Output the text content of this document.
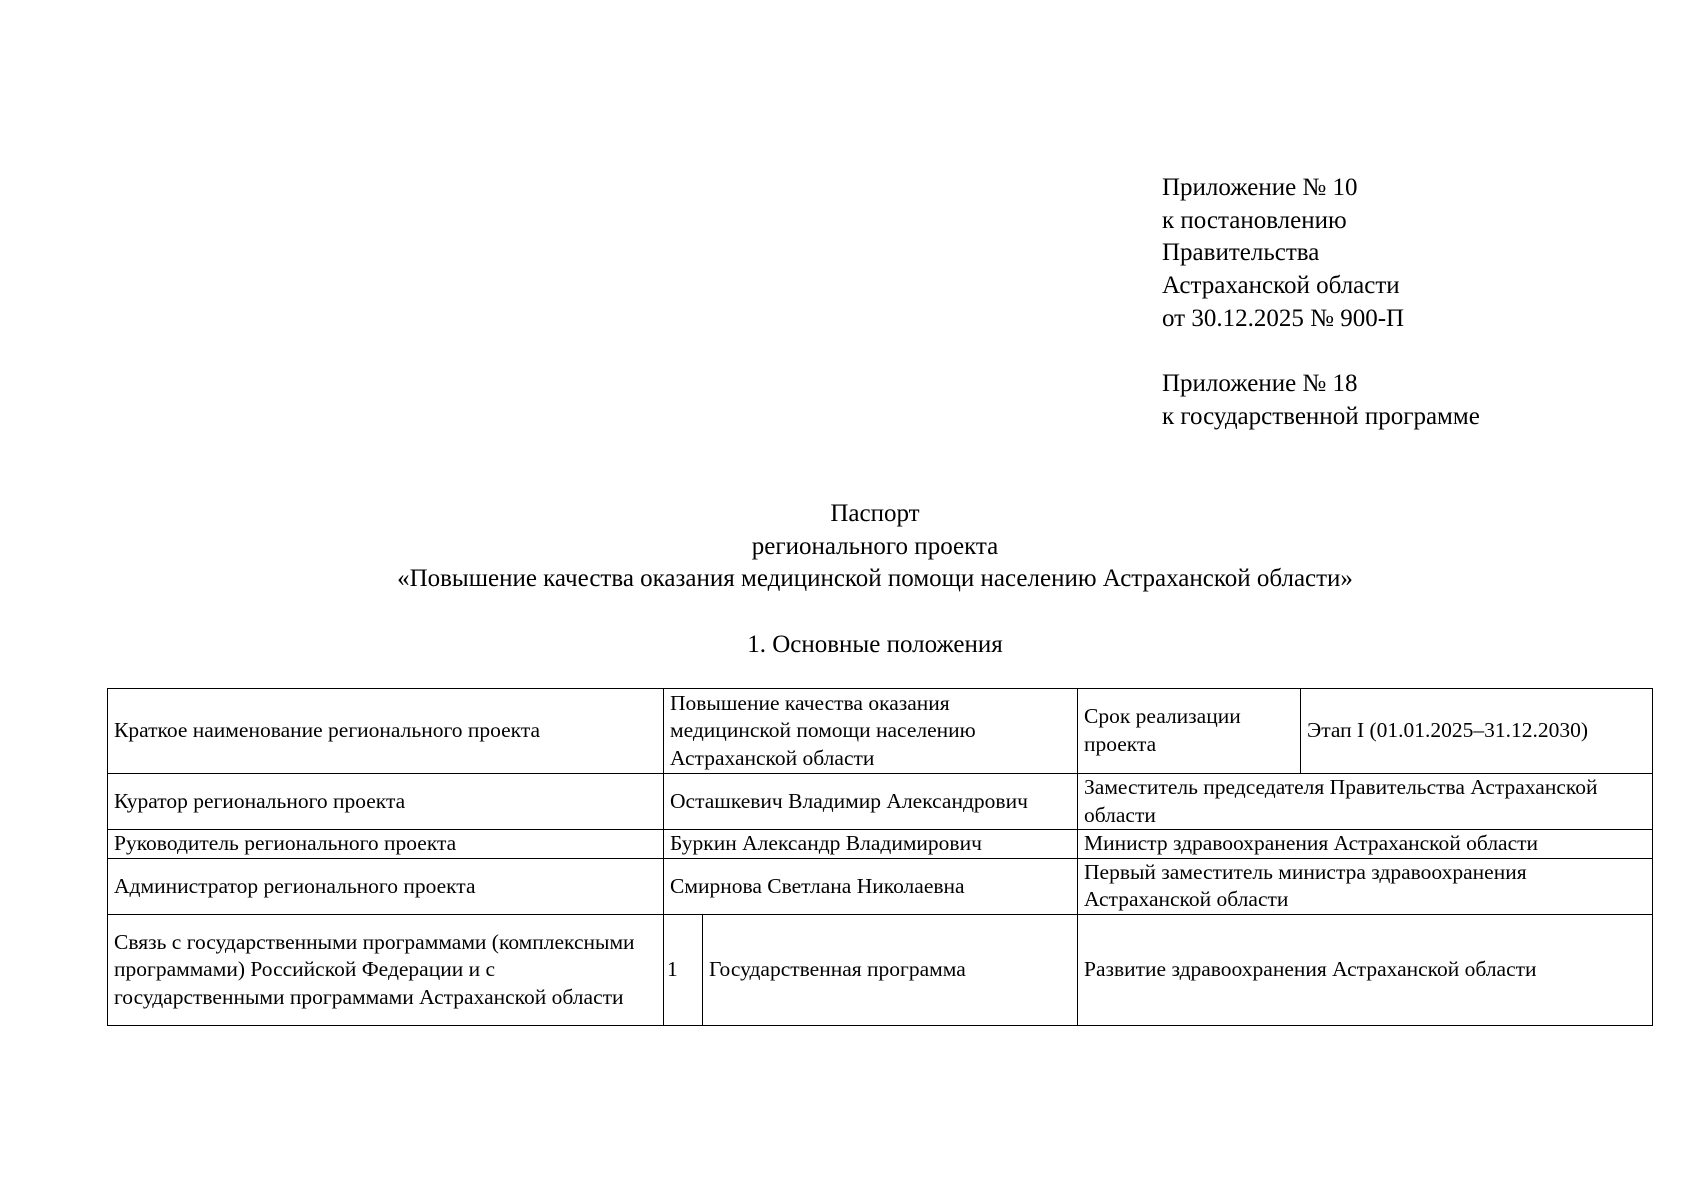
Приложение № 10
к постановлению
Правительства
Астраханской области
от 30.12.2025 № 900-П
Приложение № 18
к государственной программе
Паспорт
регионального проекта
«Повышение качества оказания медицинской помощи населению Астраханской области»
1. Основные положения
Краткое наименование регионального проекта	Повышение качества оказания медицинской помощи населению Астраханской области		Срок реализации проекта	Этап I (01.01.2025–31.12.2030)
Куратор регионального проекта	Осташкевич Владимир Александрович		Заместитель председателя Правительства Астраханской области	
Руководитель регионального проекта	Буркин Александр Владимирович		Министр здравоохранения Астраханской области	
Администратор регионального проекта	Смирнова Светлана Николаевна		Первый заместитель министра здравоохранения Астраханской области	
Связь с государственными программами (комплексными программами) Российской Федерации и с государственными программами Астраханской области	1	Государственная программа	Развитие здравоохранения Астраханской области	
